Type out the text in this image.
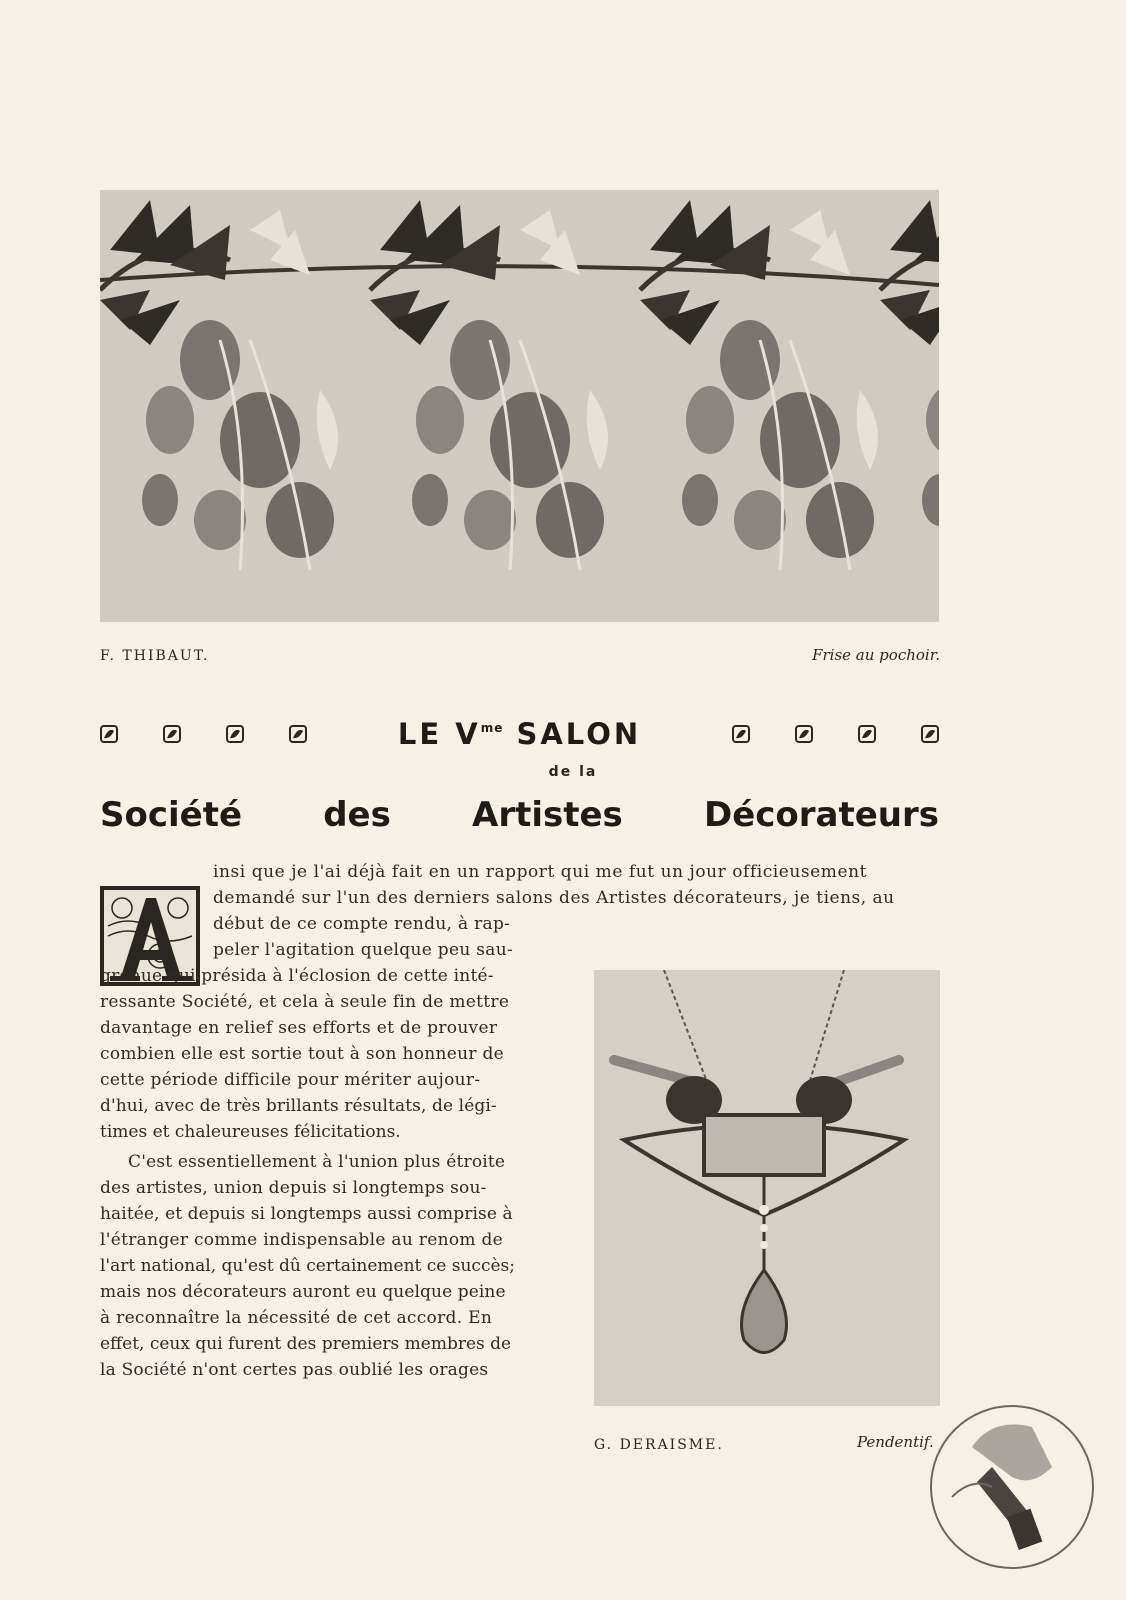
F. THIBAUT.	Frise au pochoir.
LE $V^{me}$ SALON
de la
Société des Artistes Décorateurs
insi que je l'ai déjà fait en un rapport qui me fut un jour officieusement
demandé sur l'un des derniers salons des Artistes décorateurs, je tiens, au
début de ce compte rendu, à rap-
peler l'agitation quelque peu sau-
grenue qui présida à l'éclosion de cette inté-
ressante Société, et cela à seule fin de mettre
davantage en relief ses efforts et de prouver
combien elle est sortie tout à son honneur de
cette période difficile pour mériter aujour-
d'hui, avec de très brillants résultats, de légi-
times et chaleureuses félicitations.
C'est essentiellement à l'union plus étroite
des artistes, union depuis si longtemps sou-
haitée, et depuis si longtemps aussi comprise à
l'étranger comme indispensable au renom de
l'art national, qu'est dû certainement ce succès;
mais nos décorateurs auront eu quelque peine
à reconnaître la nécessité de cet accord. En
effet, ceux qui furent des premiers membres de
la Société n'ont certes pas oublié les orages
G. DERAISME.	Pendentif.
